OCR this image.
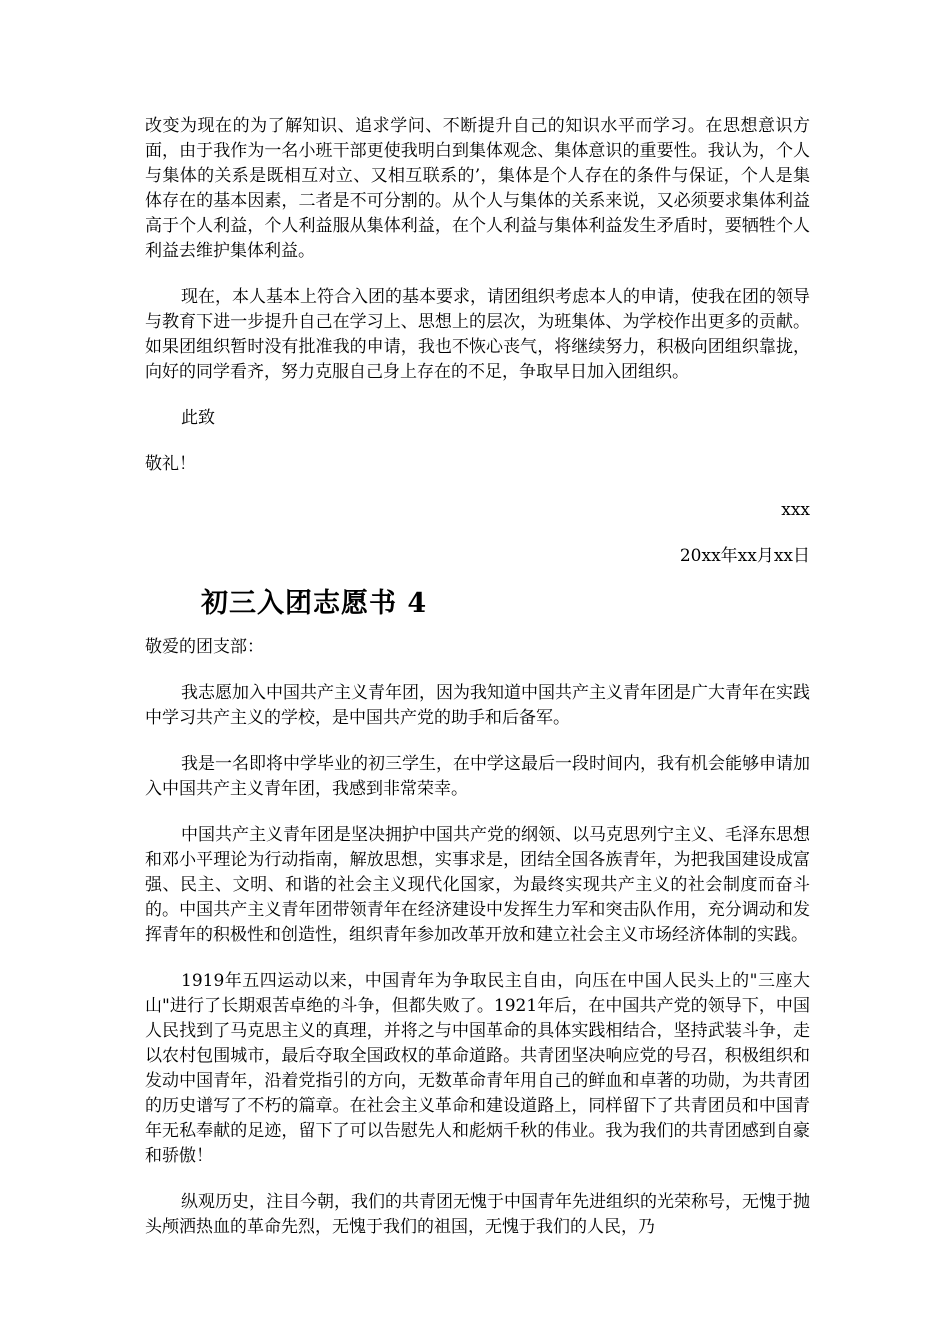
改变为现在的为了解知识、追求学问、不断提升自己的知识水平而学习。在思想意识方面，由于我作为一名小班干部更使我明白到集体观念、集体意识的重要性。我认为，个人与集体的关系是既相互对立、又相互联系的’，集体是个人存在的条件与保证，个人是集体存在的基本因素，二者是不可分割的。从个人与集体的关系来说，又必须要求集体利益高于个人利益，个人利益服从集体利益，在个人利益与集体利益发生矛盾时，要牺牲个人利益去维护集体利益。

现在，本人基本上符合入团的基本要求，请团组织考虑本人的申请，使我在团的领导与教育下进一步提升自己在学习上、思想上的层次，为班集体、为学校作出更多的贡献。如果团组织暂时没有批准我的申请，我也不恢心丧气，将继续努力，积极向团组织靠拢，向好的同学看齐，努力克服自己身上存在的不足，争取早日加入团组织。

此致

敬礼！

xxx

20xx年xx月xx日

初三入团志愿书 4

敬爱的团支部：

我志愿加入中国共产主义青年团，因为我知道中国共产主义青年团是广大青年在实践中学习共产主义的学校，是中国共产党的助手和后备军。

我是一名即将中学毕业的初三学生，在中学这最后一段时间内，我有机会能够申请加入中国共产主义青年团，我感到非常荣幸。

中国共产主义青年团是坚决拥护中国共产党的纲领、以马克思列宁主义、毛泽东思想和邓小平理论为行动指南，解放思想，实事求是，团结全国各族青年，为把我国建设成富强、民主、文明、和谐的社会主义现代化国家，为最终实现共产主义的社会制度而奋斗的。中国共产主义青年团带领青年在经济建设中发挥生力军和突击队作用，充分调动和发挥青年的积极性和创造性，组织青年参加改革开放和建立社会主义市场经济体制的实践。

1919年五四运动以来，中国青年为争取民主自由，向压在中国人民头上的"三座大山"进行了长期艰苦卓绝的斗争，但都失败了。1921年后，在中国共产党的领导下，中国人民找到了马克思主义的真理，并将之与中国革命的具体实践相结合，坚持武装斗争，走以农村包围城市，最后夺取全国政权的革命道路。共青团坚决响应党的号召，积极组织和发动中国青年，沿着党指引的方向，无数革命青年用自己的鲜血和卓著的功勋，为共青团的历史谱写了不朽的篇章。在社会主义革命和建设道路上，同样留下了共青团员和中国青年无私奉献的足迹，留下了可以告慰先人和彪炳千秋的伟业。我为我们的共青团感到自豪和骄傲！

纵观历史，注目今朝，我们的共青团无愧于中国青年先进组织的光荣称号，无愧于抛头颅洒热血的革命先烈，无愧于我们的祖国，无愧于我们的人民，乃
